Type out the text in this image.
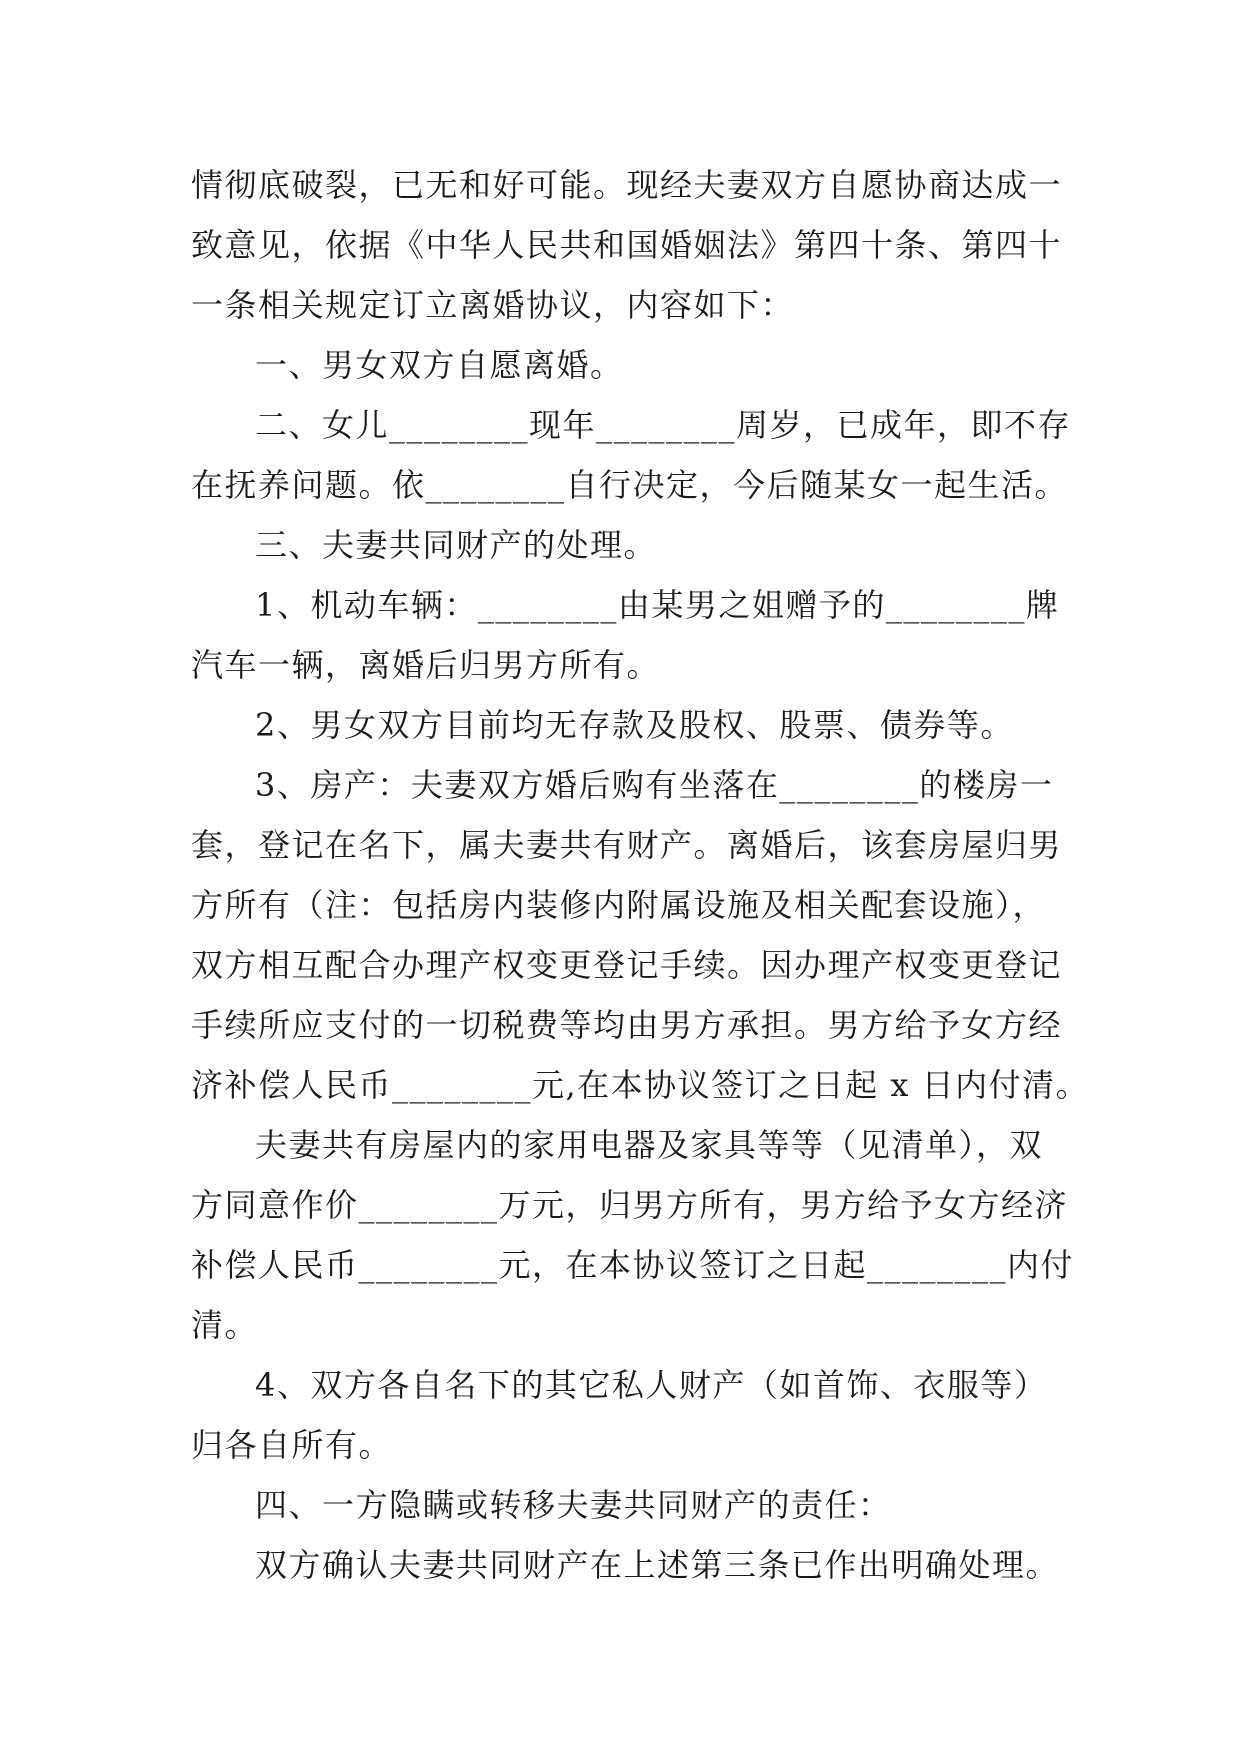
情彻底破裂，已无和好可能。现经夫妻双方自愿协商达成一

致意见，依据《中华人民共和国婚姻法》第四十条、第四十

一条相关规定订立离婚协议，内容如下：

一、男女双方自愿离婚。

二、女儿________现年________周岁，已成年，即不存

在抚养问题。依________自行决定，今后随某女一起生活。

三、夫妻共同财产的处理。

1、机动车辆：________由某男之姐赠予的________牌

汽车一辆，离婚后归男方所有。

2、男女双方目前均无存款及股权、股票、债券等。

3、房产：夫妻双方婚后购有坐落在________的楼房一

套，登记在名下，属夫妻共有财产。离婚后，该套房屋归男

方所有（注：包括房内装修内附属设施及相关配套设施），

双方相互配合办理产权变更登记手续。因办理产权变更登记

手续所应支付的一切税费等均由男方承担。男方给予女方经

济补偿人民币________元,在本协议签订之日起 x 日内付清。

夫妻共有房屋内的家用电器及家具等等（见清单），双

方同意作价________万元，归男方所有，男方给予女方经济

补偿人民币________元，在本协议签订之日起________内付

清。

4、双方各自名下的其它私人财产（如首饰、衣服等）

归各自所有。

四、一方隐瞒或转移夫妻共同财产的责任：

双方确认夫妻共同财产在上述第三条已作出明确处理。
